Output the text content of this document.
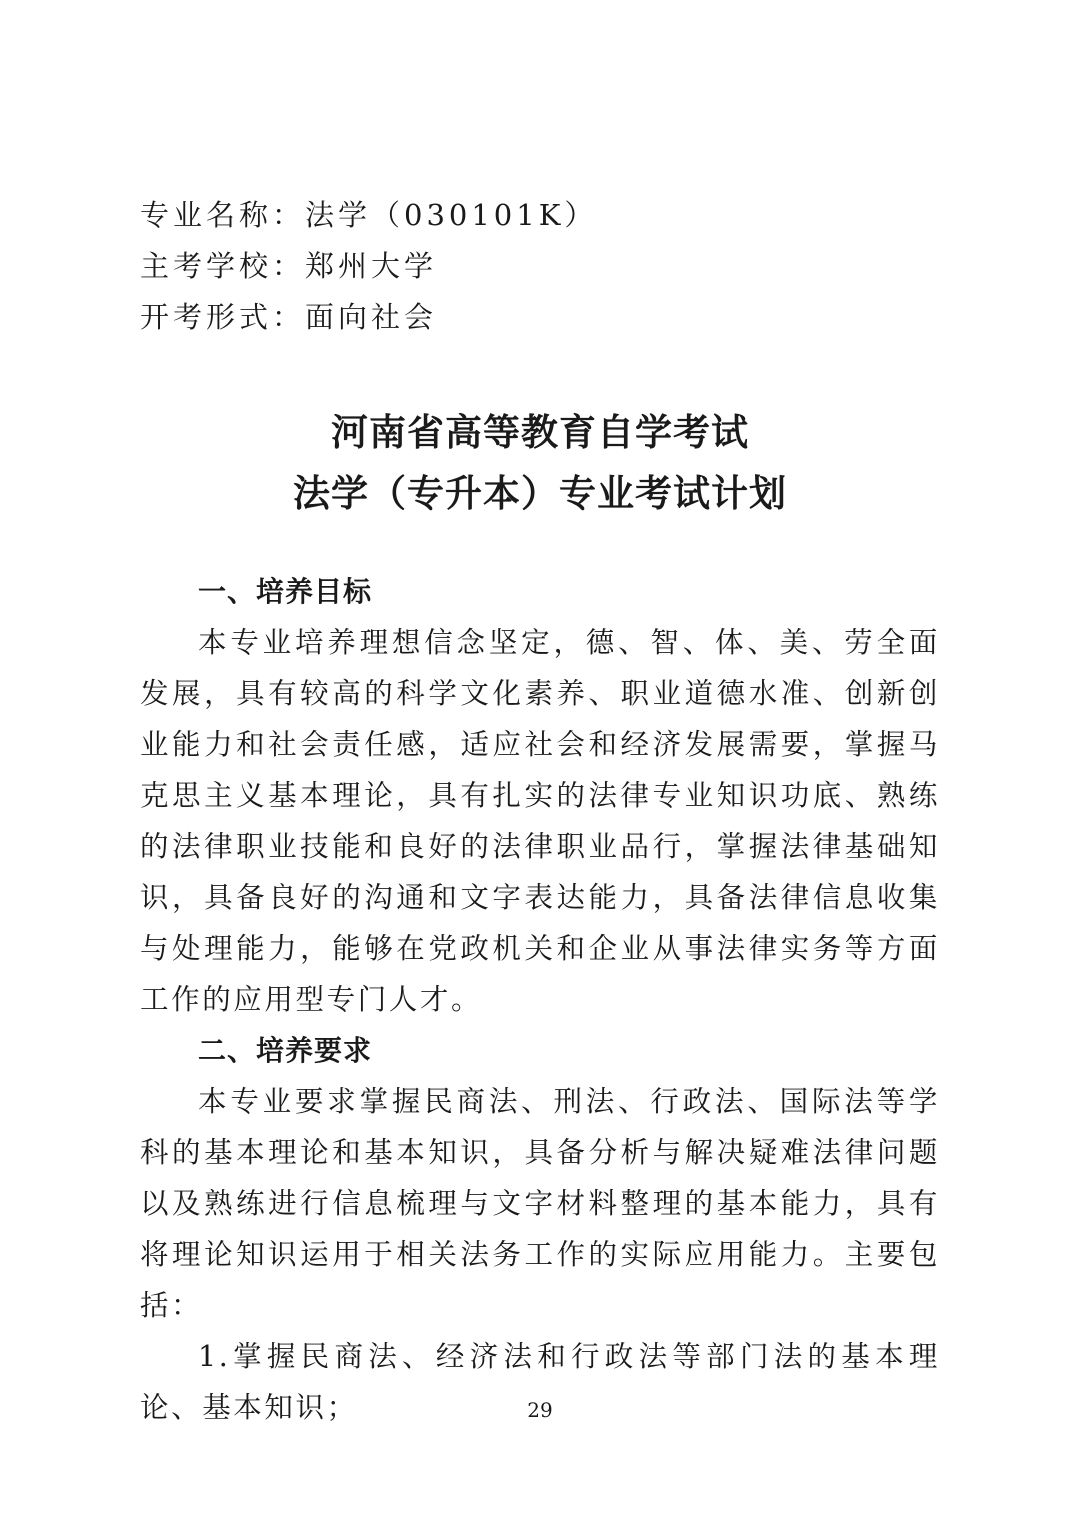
专业名称：法学（030101K）
主考学校：郑州大学
开考形式：面向社会
河南省高等教育自学考试
法学（专升本）专业考试计划
一、培养目标

本专业培养理想信念坚定，德、智、体、美、劳全面发展，具有较高的科学文化素养、职业道德水准、创新创业能力和社会责任感，适应社会和经济发展需要，掌握马克思主义基本理论，具有扎实的法律专业知识功底、熟练的法律职业技能和良好的法律职业品行，掌握法律基础知识，具备良好的沟通和文字表达能力，具备法律信息收集与处理能力，能够在党政机关和企业从事法律实务等方面工作的应用型专门人才。

二、培养要求

本专业要求掌握民商法、刑法、行政法、国际法等学科的基本理论和基本知识，具备分析与解决疑难法律问题以及熟练进行信息梳理与文字材料整理的基本能力，具有将理论知识运用于相关法务工作的实际应用能力。主要包括：

1.掌握民商法、经济法和行政法等部门法的基本理论、基本知识；	29
